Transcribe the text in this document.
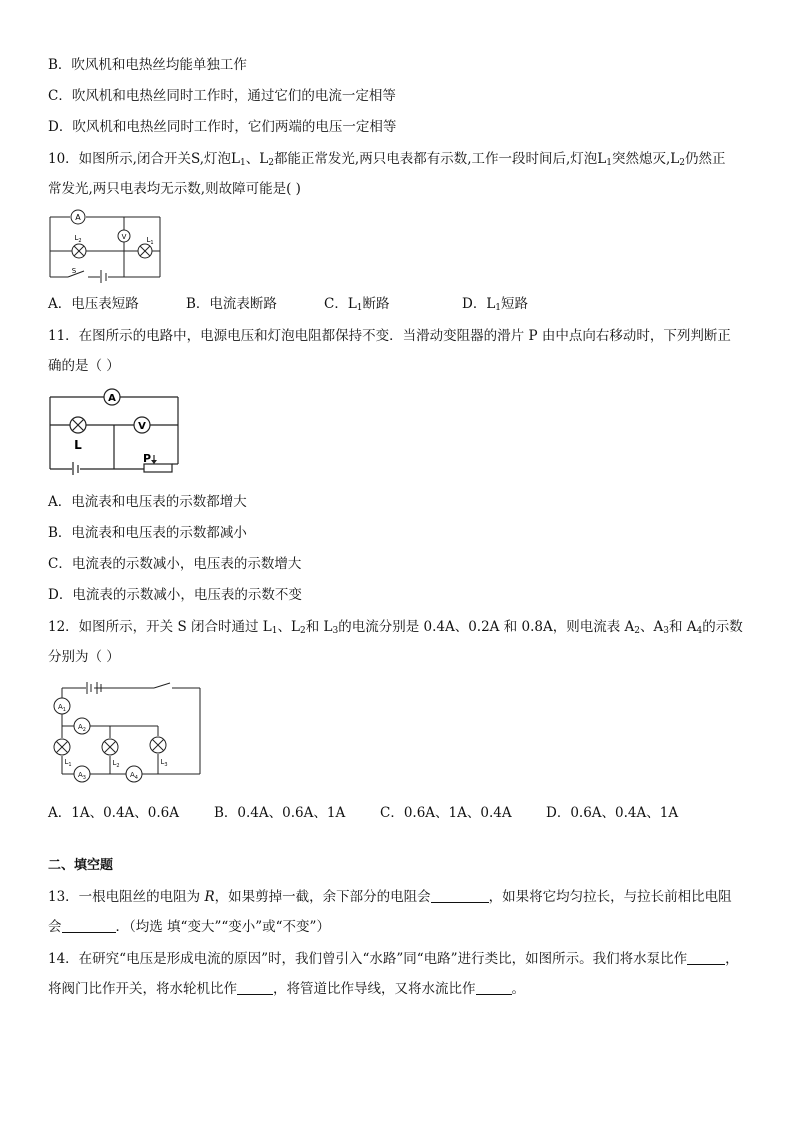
B．吹风机和电热丝均能单独工作
C．吹风机和电热丝同时工作时，通过它们的电流一定相等
D．吹风机和电热丝同时工作时，它们两端的电压一定相等
10．如图所示,闭合开关S,灯泡$L_1$、$L_2$都能正常发光,两只电表都有示数,工作一段时间后,灯泡$L_1$突然熄灭$,L_2$仍然正
常发光,两只电表均无示数,则故障可能是( )
A
$L_2$	V	$L_1$
S
A．电压表短路	B．电流表断路	C．$L_1$断路	D．$L_1$短路
11．在图所示的电路中，电源电压和灯泡电阻都保持不变．当滑动变阻器的滑片 P 由中点向右移动时，下列判断正
确的是（ ）
P
A
L
V
A．电流表和电压表的示数都增大
B．电流表和电压表的示数都减小
C．电流表的示数减小，电压表的示数增大
D．电流表的示数减小，电压表的示数不变
12．如图所示，开关 S 闭合时通过 $L_1$、$L_2$和 $L_3$的电流分别是 0.4A、0.2A 和 0.8A，则电流表 $A_2$、$A_3$和 $A_4$的示数
分别为（ ）
$A_1$
$A_2$
$A_3$	$A_4$
$L_1$	$L_2$	$L_3$
A．1A、0.4A、0.6A	B．0.4A、0.6A、1A	C．0.6A、1A、0.4A	D．0.6A、0.4A、1A
二、填空题
13．一根电阻丝的电阻为 R，如果剪掉一截，余下部分的电阻会	，如果将它均匀拉长，与拉长前相比电阻
会	．（均选 填“变大”“变小”或“不变”）
14．在研究“电压是形成电流的原因”时，我们曾引入“水路”同“电路”进行类比，如图所示。我们将水泵比作	，
将阀门比作开关，将水轮机比作	，将管道比作导线，又将水流比作	。
